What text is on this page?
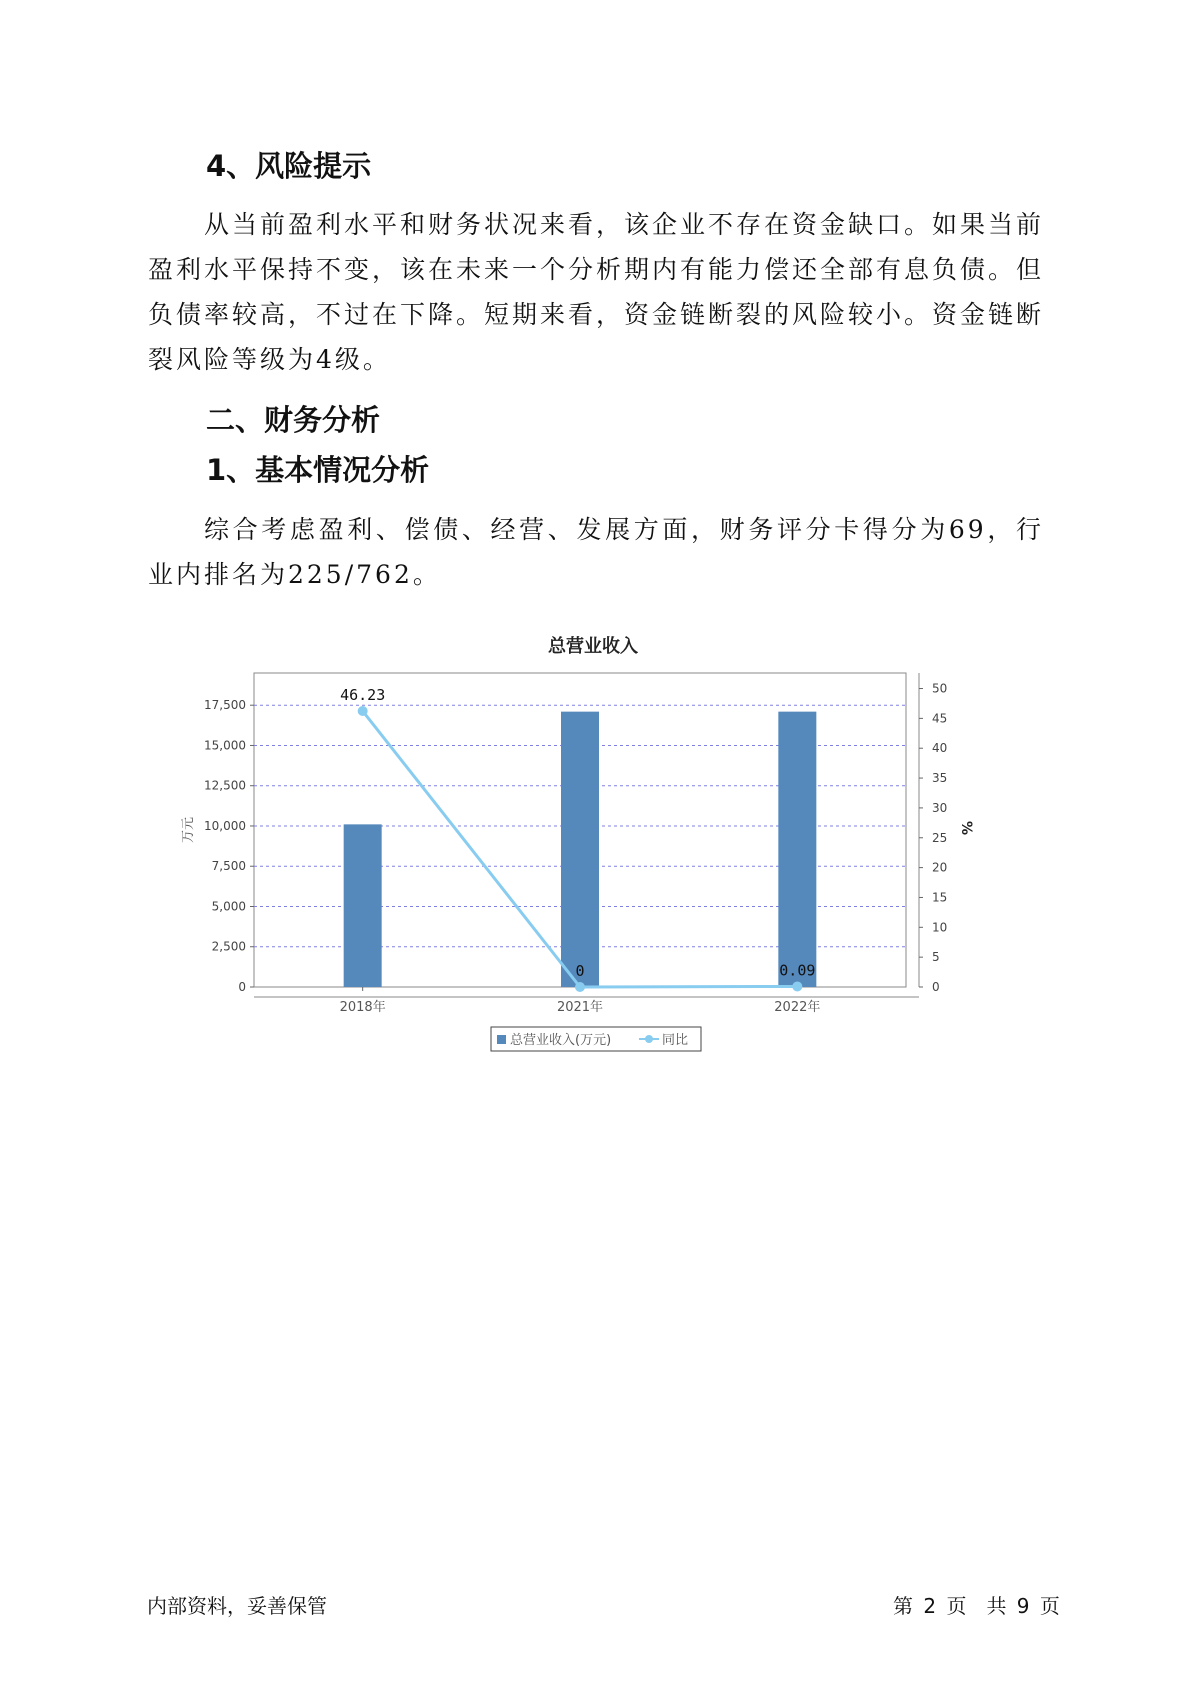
4、风险提示

从当前盈利水平和财务状况来看，该企业不存在资金缺口。如果当前盈利水平保持不变，该在未来一个分析期内有能力偿还全部有息负债。但负债率较高，不过在下降。短期来看，资金链断裂的风险较小。资金链断裂风险等级为4级。

二、财务分析
1、基本情况分析

综合考虑盈利、偿债、经营、发展方面，财务评分卡得分为69，行业内排名为225/762。

总营业收入
0
2,500
5,000
7,500
10,000
12,500
15,000
17,500
万元
0
5
10
15
20
25
30
35
40
45
50
%
2018年	2021年	2022年
46.23
0	0.09
总营业收入(万元)	同比
内部资料，妥善保管	第 2 页　共 9 页
